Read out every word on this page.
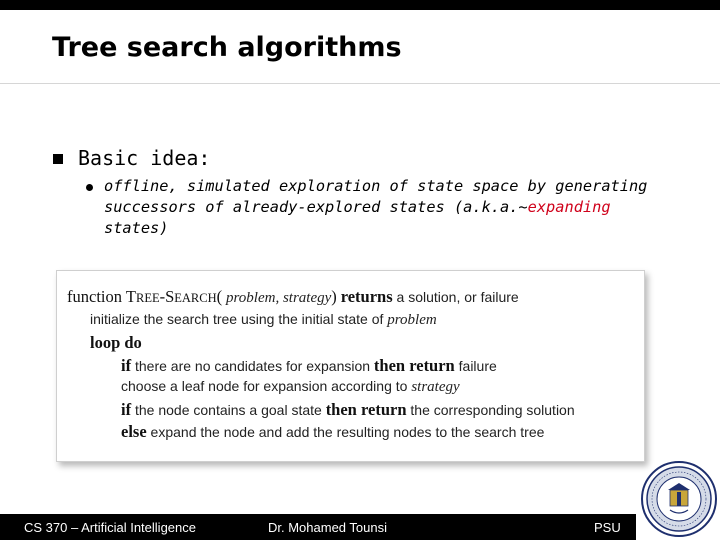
Tree search algorithms
Basic idea:
offline, simulated exploration of state space by generating successors of already-explored states (a.k.a.~expanding states)
function TREE-SEARCH( problem, strategy) returns a solution, or failure
initialize the search tree using the initial state of problem
loop do
if there are no candidates for expansion then return failure
choose a leaf node for expansion according to strategy
if the node contains a goal state then return the corresponding solution
else expand the node and add the resulting nodes to the search tree
CS 370 – Artificial Intelligence	Dr. Mohamed Tounsi	PSU
